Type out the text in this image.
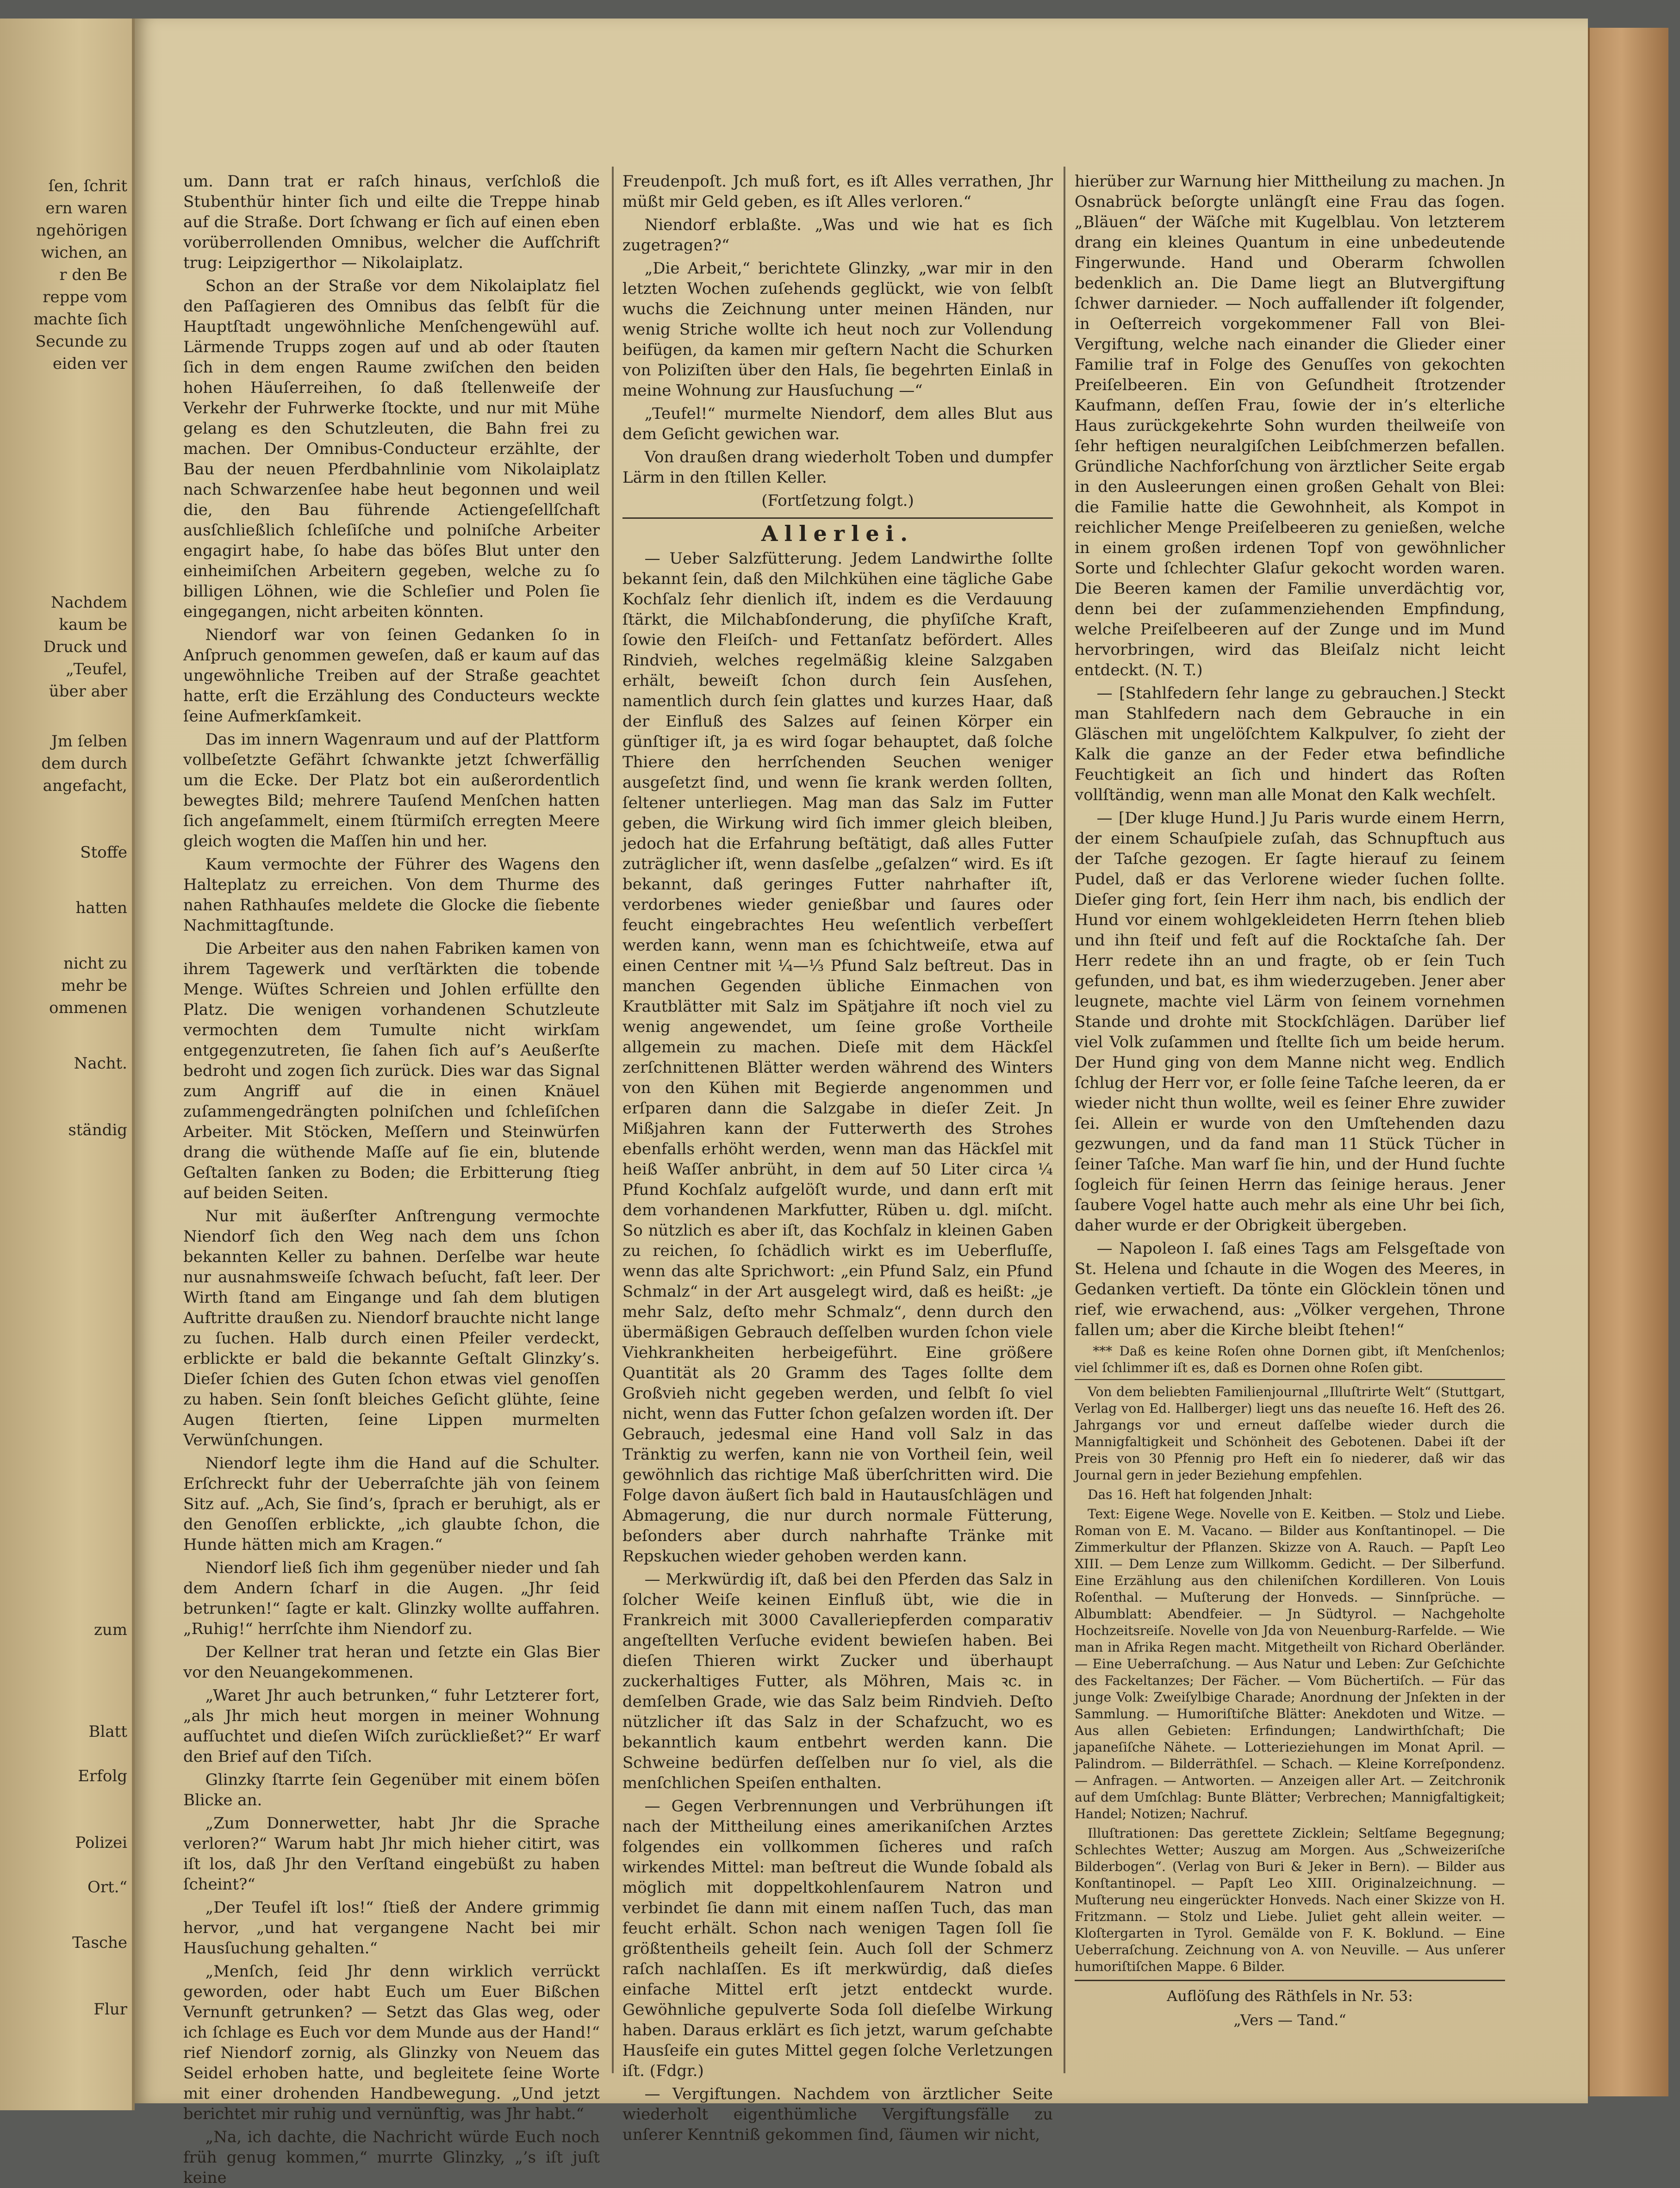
ſen, ſchrit
ern waren
ngehörigen
wichen, an
r den Be
reppe vom
machte ſich
Secunde zu
eiden ver
Nachdem
kaum be
Druck und
„Teufel,
über aber
Jm ſelben
dem durch
angefacht,
Stoffe
hatten
nicht zu
mehr be
ommenen
Nacht.
ständig
zum
Blatt
Erfolg
Polizei
Ort.“
Tasche
Flur

um. Dann trat er raſch hinaus, verſchloß die Stubenthür hinter ſich und eilte die Treppe hinab auf die Straße. Dort ſchwang er ſich auf einen eben vorüberrollenden Omnibus, welcher die Aufſchrift trug: Leipzigerthor — Nikolaiplatz.

Schon an der Straße vor dem Nikolaiplatz fiel den Paſſagieren des Omnibus das ſelbſt für die Hauptſtadt ungewöhnliche Menſchengewühl auf. Lärmende Trupps zogen auf und ab oder ſtauten ſich in dem engen Raume zwiſchen den beiden hohen Häuſerreihen, ſo daß ſtellenweiſe der Verkehr der Fuhrwerke ſtockte, und nur mit Mühe gelang es den Schutzleuten, die Bahn frei zu machen. Der Omnibus-Conducteur erzählte, der Bau der neuen Pferdbahnlinie vom Nikolaiplatz nach Schwarzenſee habe heut begonnen und weil die, den Bau führende Actiengeſellſchaft ausſchließlich ſchleſiſche und polniſche Arbeiter engagirt habe, ſo habe das böſes Blut unter den einheimiſchen Arbeitern gegeben, welche zu ſo billigen Löhnen, wie die Schleſier und Polen ſie eingegangen, nicht arbeiten könnten.

Niendorf war von ſeinen Gedanken ſo in Anſpruch genommen geweſen, daß er kaum auf das ungewöhnliche Treiben auf der Straße geachtet hatte, erſt die Erzählung des Conducteurs weckte ſeine Aufmerkſamkeit.

Das im innern Wagenraum und auf der Plattform vollbeſetzte Gefährt ſchwankte jetzt ſchwerfällig um die Ecke. Der Platz bot ein außerordentlich bewegtes Bild; mehrere Tauſend Menſchen hatten ſich angeſammelt, einem ſtürmiſch erregten Meere gleich wogten die Maſſen hin und her.

Kaum vermochte der Führer des Wagens den Halteplatz zu erreichen. Von dem Thurme des nahen Rathhauſes meldete die Glocke die ſiebente Nachmittagſtunde.

Die Arbeiter aus den nahen Fabriken kamen von ihrem Tagewerk und verſtärkten die tobende Menge. Wüſtes Schreien und Johlen erfüllte den Platz. Die wenigen vorhandenen Schutzleute vermochten dem Tumulte nicht wirkſam entgegenzutreten, ſie ſahen ſich auf’s Aeußerſte bedroht und zogen ſich zurück. Dies war das Signal zum Angriff auf die in einen Knäuel zuſammengedrängten polniſchen und ſchleſiſchen Arbeiter. Mit Stöcken, Meſſern und Steinwürfen drang die wüthende Maſſe auf ſie ein, blutende Geſtalten ſanken zu Boden; die Erbitterung ſtieg auf beiden Seiten.

Nur mit äußerſter Anſtrengung vermochte Niendorf ſich den Weg nach dem uns ſchon bekannten Keller zu bahnen. Derſelbe war heute nur ausnahmsweiſe ſchwach beſucht, faſt leer. Der Wirth ſtand am Eingange und ſah dem blutigen Auftritte draußen zu. Niendorf brauchte nicht lange zu ſuchen. Halb durch einen Pfeiler verdeckt, erblickte er bald die bekannte Geſtalt Glinzky’s. Dieſer ſchien des Guten ſchon etwas viel genoſſen zu haben. Sein ſonſt bleiches Geſicht glühte, ſeine Augen ſtierten, ſeine Lippen murmelten Verwünſchungen.

Niendorf legte ihm die Hand auf die Schulter. Erſchreckt fuhr der Ueberraſchte jäh von ſeinem Sitz auf. „Ach, Sie ſind’s, ſprach er beruhigt, als er den Genoſſen erblickte, „ich glaubte ſchon, die Hunde hätten mich am Kragen.“

Niendorf ließ ſich ihm gegenüber nieder und ſah dem Andern ſcharf in die Augen. „Jhr ſeid betrunken!“ ſagte er kalt. Glinzky wollte auffahren. „Ruhig!“ herrſchte ihm Niendorf zu.

Der Kellner trat heran und ſetzte ein Glas Bier vor den Neuangekommenen.

„Waret Jhr auch betrunken,“ fuhr Letzterer fort, „als Jhr mich heut morgen in meiner Wohnung aufſuchtet und dieſen Wiſch zurückließet?“ Er warf den Brief auf den Tiſch.

Glinzky ſtarrte ſein Gegenüber mit einem böſen Blicke an.

„Zum Donnerwetter, habt Jhr die Sprache verloren?“ Warum habt Jhr mich hieher citirt, was iſt los, daß Jhr den Verſtand eingebüßt zu haben ſcheint?“

„Der Teufel iſt los!“ ſtieß der Andere grimmig hervor, „und hat vergangene Nacht bei mir Hausſuchung gehalten.“

„Menſch, ſeid Jhr denn wirklich verrückt geworden, oder habt Euch um Euer Bißchen Vernunft getrunken? — Setzt das Glas weg, oder ich ſchlage es Euch vor dem Munde aus der Hand!“ rief Niendorf zornig, als Glinzky von Neuem das Seidel erhoben hatte, und begleitete ſeine Worte mit einer drohenden Handbewegung. „Und jetzt berichtet mir ruhig und vernünftig, was Jhr habt.“

„Na, ich dachte, die Nachricht würde Euch noch früh genug kommen,“ murrte Glinzky, „’s iſt juſt keine

Freudenpoſt. Jch muß fort, es iſt Alles verrathen, Jhr müßt mir Geld geben, es iſt Alles verloren.“

Niendorf erblaßte. „Was und wie hat es ſich zugetragen?“

„Die Arbeit,“ berichtete Glinzky, „war mir in den letzten Wochen zuſehends geglückt, wie von ſelbſt wuchs die Zeichnung unter meinen Händen, nur wenig Striche wollte ich heut noch zur Vollendung beifügen, da kamen mir geſtern Nacht die Schurken von Poliziſten über den Hals, ſie begehrten Einlaß in meine Wohnung zur Hausſuchung —“

„Teufel!“ murmelte Niendorf, dem alles Blut aus dem Geſicht gewichen war.

Von draußen drang wiederholt Toben und dumpfer Lärm in den ſtillen Keller.

(Fortſetzung folgt.)

Allerlei.

— Ueber Salzfütterung. Jedem Landwirthe ſollte bekannt ſein, daß den Milchkühen eine tägliche Gabe Kochſalz ſehr dienlich iſt, indem es die Verdauung ſtärkt, die Milchabſonderung, die phyſiſche Kraft, ſowie den Fleiſch- und Fettanſatz befördert. Alles Rindvieh, welches regelmäßig kleine Salzgaben erhält, beweiſt ſchon durch ſein Ausſehen, namentlich durch ſein glattes und kurzes Haar, daß der Einfluß des Salzes auf ſeinen Körper ein günſtiger iſt, ja es wird ſogar behauptet, daß ſolche Thiere den herrſchenden Seuchen weniger ausgeſetzt ſind, und wenn ſie krank werden ſollten, ſeltener unterliegen. Mag man das Salz im Futter geben, die Wirkung wird ſich immer gleich bleiben, jedoch hat die Erfahrung beſtätigt, daß alles Futter zuträglicher iſt, wenn dasſelbe „geſalzen“ wird. Es iſt bekannt, daß geringes Futter nahrhafter iſt, verdorbenes wieder genießbar und ſaures oder feucht eingebrachtes Heu weſentlich verbeſſert werden kann, wenn man es ſchichtweiſe, etwa auf einen Centner mit ¼—⅓ Pfund Salz beſtreut. Das in manchen Gegenden übliche Einmachen von Krautblätter mit Salz im Spätjahre iſt noch viel zu wenig angewendet, um ſeine große Vortheile allgemein zu machen. Dieſe mit dem Häckſel zerſchnittenen Blätter werden während des Winters von den Kühen mit Begierde angenommen und erſparen dann die Salzgabe in dieſer Zeit. Jn Mißjahren kann der Futterwerth des Strohes ebenfalls erhöht werden, wenn man das Häckſel mit heiß Waſſer anbrüht, in dem auf 50 Liter circa ¼ Pfund Kochſalz aufgelöſt wurde, und dann erſt mit dem vorhandenen Markfutter, Rüben u. dgl. miſcht. So nützlich es aber iſt, das Kochſalz in kleinen Gaben zu reichen, ſo ſchädlich wirkt es im Ueberfluſſe, wenn das alte Sprichwort: „ein Pfund Salz, ein Pfund Schmalz“ in der Art ausgelegt wird, daß es heißt: „je mehr Salz, deſto mehr Schmalz“, denn durch den übermäßigen Gebrauch deſſelben wurden ſchon viele Viehkrankheiten herbeigeführt. Eine größere Quantität als 20 Gramm des Tages ſollte dem Großvieh nicht gegeben werden, und ſelbſt ſo viel nicht, wenn das Futter ſchon geſalzen worden iſt. Der Gebrauch, jedesmal eine Hand voll Salz in das Tränktig zu werfen, kann nie von Vortheil ſein, weil gewöhnlich das richtige Maß überſchritten wird. Die Folge davon äußert ſich bald in Hautausſchlägen und Abmagerung, die nur durch normale Fütterung, beſonders aber durch nahrhafte Tränke mit Repskuchen wieder gehoben werden kann.

— Merkwürdig iſt, daß bei den Pferden das Salz in ſolcher Weiſe keinen Einfluß übt, wie die in Frankreich mit 3000 Cavalleriepferden comparativ angeſtellten Verſuche evident bewieſen haben. Bei dieſen Thieren wirkt Zucker und überhaupt zuckerhaltiges Futter, als Möhren, Mais ꝛc. in demſelben Grade, wie das Salz beim Rindvieh. Deſto nützlicher iſt das Salz in der Schafzucht, wo es bekanntlich kaum entbehrt werden kann. Die Schweine bedürfen deſſelben nur ſo viel, als die menſchlichen Speiſen enthalten.

— Gegen Verbrennungen und Verbrühungen iſt nach der Mittheilung eines amerikaniſchen Arztes folgendes ein vollkommen ſicheres und raſch wirkendes Mittel: man beſtreut die Wunde ſobald als möglich mit doppeltkohlenſaurem Natron und verbindet ſie dann mit einem naſſen Tuch, das man feucht erhält. Schon nach wenigen Tagen ſoll ſie größtentheils geheilt ſein. Auch ſoll der Schmerz raſch nachlaſſen. Es iſt merkwürdig, daß dieſes einfache Mittel erſt jetzt entdeckt wurde. Gewöhnliche gepulverte Soda ſoll dieſelbe Wirkung haben. Daraus erklärt es ſich jetzt, warum geſchabte Hausſeife ein gutes Mittel gegen ſolche Verletzungen iſt. (Fdgr.)

— Vergiftungen. Nachdem von ärztlicher Seite wiederholt eigenthümliche Vergiftungsfälle zu unſerer Kenntniß gekommen ſind, ſäumen wir nicht,

hierüber zur Warnung hier Mittheilung zu machen. Jn Osnabrück beſorgte unlängſt eine Frau das ſogen. „Bläuen“ der Wäſche mit Kugelblau. Von letzterem drang ein kleines Quantum in eine unbedeutende Fingerwunde. Hand und Oberarm ſchwollen bedenklich an. Die Dame liegt an Blutvergiftung ſchwer darnieder. — Noch auffallender iſt folgender, in Oeſterreich vorgekommener Fall von Blei-Vergiftung, welche nach einander die Glieder einer Familie traf in Folge des Genuſſes von gekochten Preiſelbeeren. Ein von Geſundheit ſtrotzender Kaufmann, deſſen Frau, ſowie der in’s elterliche Haus zurückgekehrte Sohn wurden theilweiſe von ſehr heftigen neuralgiſchen Leibſchmerzen befallen. Gründliche Nachforſchung von ärztlicher Seite ergab in den Ausleerungen einen großen Gehalt von Blei: die Familie hatte die Gewohnheit, als Kompot in reichlicher Menge Preiſelbeeren zu genießen, welche in einem großen irdenen Topf von gewöhnlicher Sorte und ſchlechter Glaſur gekocht worden waren. Die Beeren kamen der Familie unverdächtig vor, denn bei der zuſammenziehenden Empfindung, welche Preiſelbeeren auf der Zunge und im Mund hervorbringen, wird das Bleiſalz nicht leicht entdeckt. (N. T.)

— [Stahlfedern ſehr lange zu gebrauchen.] Steckt man Stahlfedern nach dem Gebrauche in ein Gläschen mit ungelöſchtem Kalkpulver, ſo zieht der Kalk die ganze an der Feder etwa befindliche Feuchtigkeit an ſich und hindert das Roſten vollſtändig, wenn man alle Monat den Kalk wechſelt.

— [Der kluge Hund.] Ju Paris wurde einem Herrn, der einem Schauſpiele zuſah, das Schnupftuch aus der Taſche gezogen. Er ſagte hierauf zu ſeinem Pudel, daß er das Verlorene wieder ſuchen ſollte. Dieſer ging fort, ſein Herr ihm nach, bis endlich der Hund vor einem wohlgekleideten Herrn ſtehen blieb und ihn ſteif und feſt auf die Rocktaſche ſah. Der Herr redete ihn an und fragte, ob er ſein Tuch gefunden, und bat, es ihm wiederzugeben. Jener aber leugnete, machte viel Lärm von ſeinem vornehmen Stande und drohte mit Stockſchlägen. Darüber lief viel Volk zuſammen und ſtellte ſich um beide herum. Der Hund ging von dem Manne nicht weg. Endlich ſchlug der Herr vor, er ſolle ſeine Taſche leeren, da er wieder nicht thun wollte, weil es ſeiner Ehre zuwider ſei. Allein er wurde von den Umſtehenden dazu gezwungen, und da fand man 11 Stück Tücher in ſeiner Taſche. Man warf ſie hin, und der Hund ſuchte ſogleich für ſeinen Herrn das ſeinige heraus. Jener ſaubere Vogel hatte auch mehr als eine Uhr bei ſich, daher wurde er der Obrigkeit übergeben.

— Napoleon I. ſaß eines Tags am Felsgeſtade von St. Helena und ſchaute in die Wogen des Meeres, in Gedanken vertieft. Da tönte ein Glöcklein tönen und rief, wie erwachend, aus: „Völker vergehen, Throne fallen um; aber die Kirche bleibt ſtehen!“

*** Daß es keine Roſen ohne Dornen gibt, iſt Menſchenlos; viel ſchlimmer iſt es, daß es Dornen ohne Roſen gibt.

Von dem beliebten Familienjournal „Illuſtrirte Welt“ (Stuttgart, Verlag von Ed. Hallberger) liegt uns das neueſte 16. Heft des 26. Jahrgangs vor und erneut daſſelbe wieder durch die Mannigfaltigkeit und Schönheit des Gebotenen. Dabei iſt der Preis von 30 Pfennig pro Heft ein ſo niederer, daß wir das Journal gern in jeder Beziehung empfehlen.

Das 16. Heft hat folgenden Jnhalt:

Text: Eigene Wege. Novelle von E. Keitben. — Stolz und Liebe. Roman von E. M. Vacano. — Bilder aus Konſtantinopel. — Die Zimmerkultur der Pflanzen. Skizze von A. Rauch. — Papſt Leo XIII. — Dem Lenze zum Willkomm. Gedicht. — Der Silberfund. Eine Erzählung aus den chileniſchen Kordilleren. Von Louis Roſenthal. — Muſterung der Honveds. — Sinnſprüche. — Albumblatt: Abendfeier. — Jn Südtyrol. — Nachgeholte Hochzeitsreiſe. Novelle von Jda von Neuenburg-Rarfelde. — Wie man in Afrika Regen macht. Mitgetheilt von Richard Oberländer. — Eine Ueberraſchung. — Aus Natur und Leben: Zur Geſchichte des Fackeltanzes; Der Fächer. — Vom Büchertiſch. — Für das junge Volk: Zweiſylbige Charade; Anordnung der Jnſekten in der Sammlung. — Humoriſtiſche Blätter: Anekdoten und Witze. — Aus allen Gebieten: Erfindungen; Landwirthſchaft; Die japaneſiſche Nähete. — Lotterieziehungen im Monat April. — Palindrom. — Bilderräthſel. — Schach. — Kleine Korreſpondenz. — Anfragen. — Antworten. — Anzeigen aller Art. — Zeitchronik auf dem Umſchlag: Bunte Blätter; Verbrechen; Mannigfaltigkeit; Handel; Notizen; Nachruf.

Illuſtrationen: Das gerettete Zicklein; Seltſame Begegnung; Schlechtes Wetter; Auszug am Morgen. Aus „Schweizeriſche Bilderbogen“. (Verlag von Buri & Jeker in Bern). — Bilder aus Konſtantinopel. — Papſt Leo XIII. Originalzeichnung. — Muſterung neu eingerückter Honveds. Nach einer Skizze von H. Fritzmann. — Stolz und Liebe. Juliet geht allein weiter. — Kloſtergarten in Tyrol. Gemälde von F. K. Boklund. — Eine Ueberraſchung. Zeichnung von A. von Neuville. — Aus unſerer humoriſtiſchen Mappe. 6 Bilder.

Auflöſung des Räthſels in Nr. 53:

„Vers — Tand.“
